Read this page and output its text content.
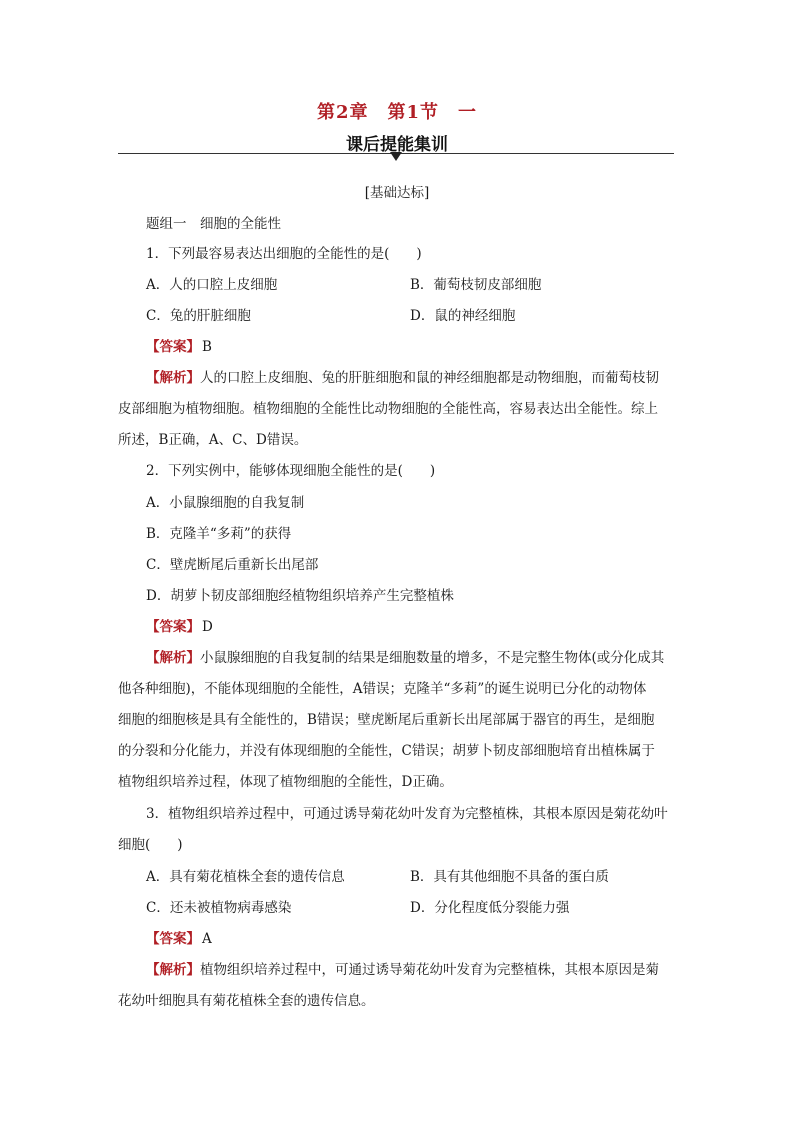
第2章　第1节　一
课后提能集训
[基础达标]
题组一　细胞的全能性
1．下列最容易表达出细胞的全能性的是(　　)
A．人的口腔上皮细胞	B．葡萄枝韧皮部细胞
C．兔的肝脏细胞	D．鼠的神经细胞
【答案】 B
【解析】人的口腔上皮细胞、兔的肝脏细胞和鼠的神经细胞都是动物细胞，而葡萄枝韧
皮部细胞为植物细胞。植物细胞的全能性比动物细胞的全能性高，容易表达出全能性。综上
所述，B正确，A、C、D错误。
2．下列实例中，能够体现细胞全能性的是(　　)
A．小鼠腺细胞的自我复制
B．克隆羊“多莉”的获得
C．壁虎断尾后重新长出尾部
D．胡萝卜韧皮部细胞经植物组织培养产生完整植株
【答案】 D
【解析】小鼠腺细胞的自我复制的结果是细胞数量的增多，不是完整生物体(或分化成其
他各种细胞)，不能体现细胞的全能性，A错误；克隆羊“多莉”的诞生说明已分化的动物体
细胞的细胞核是具有全能性的，B错误；壁虎断尾后重新长出尾部属于器官的再生，是细胞
的分裂和分化能力，并没有体现细胞的全能性，C错误；胡萝卜韧皮部细胞培育出植株属于
植物组织培养过程，体现了植物细胞的全能性，D正确。
3．植物组织培养过程中，可通过诱导菊花幼叶发育为完整植株，其根本原因是菊花幼叶
细胞(　　)
A．具有菊花植株全套的遗传信息	B．具有其他细胞不具备的蛋白质
C．还未被植物病毒感染	D．分化程度低分裂能力强
【答案】 A
【解析】植物组织培养过程中，可通过诱导菊花幼叶发育为完整植株，其根本原因是菊
花幼叶细胞具有菊花植株全套的遗传信息。
